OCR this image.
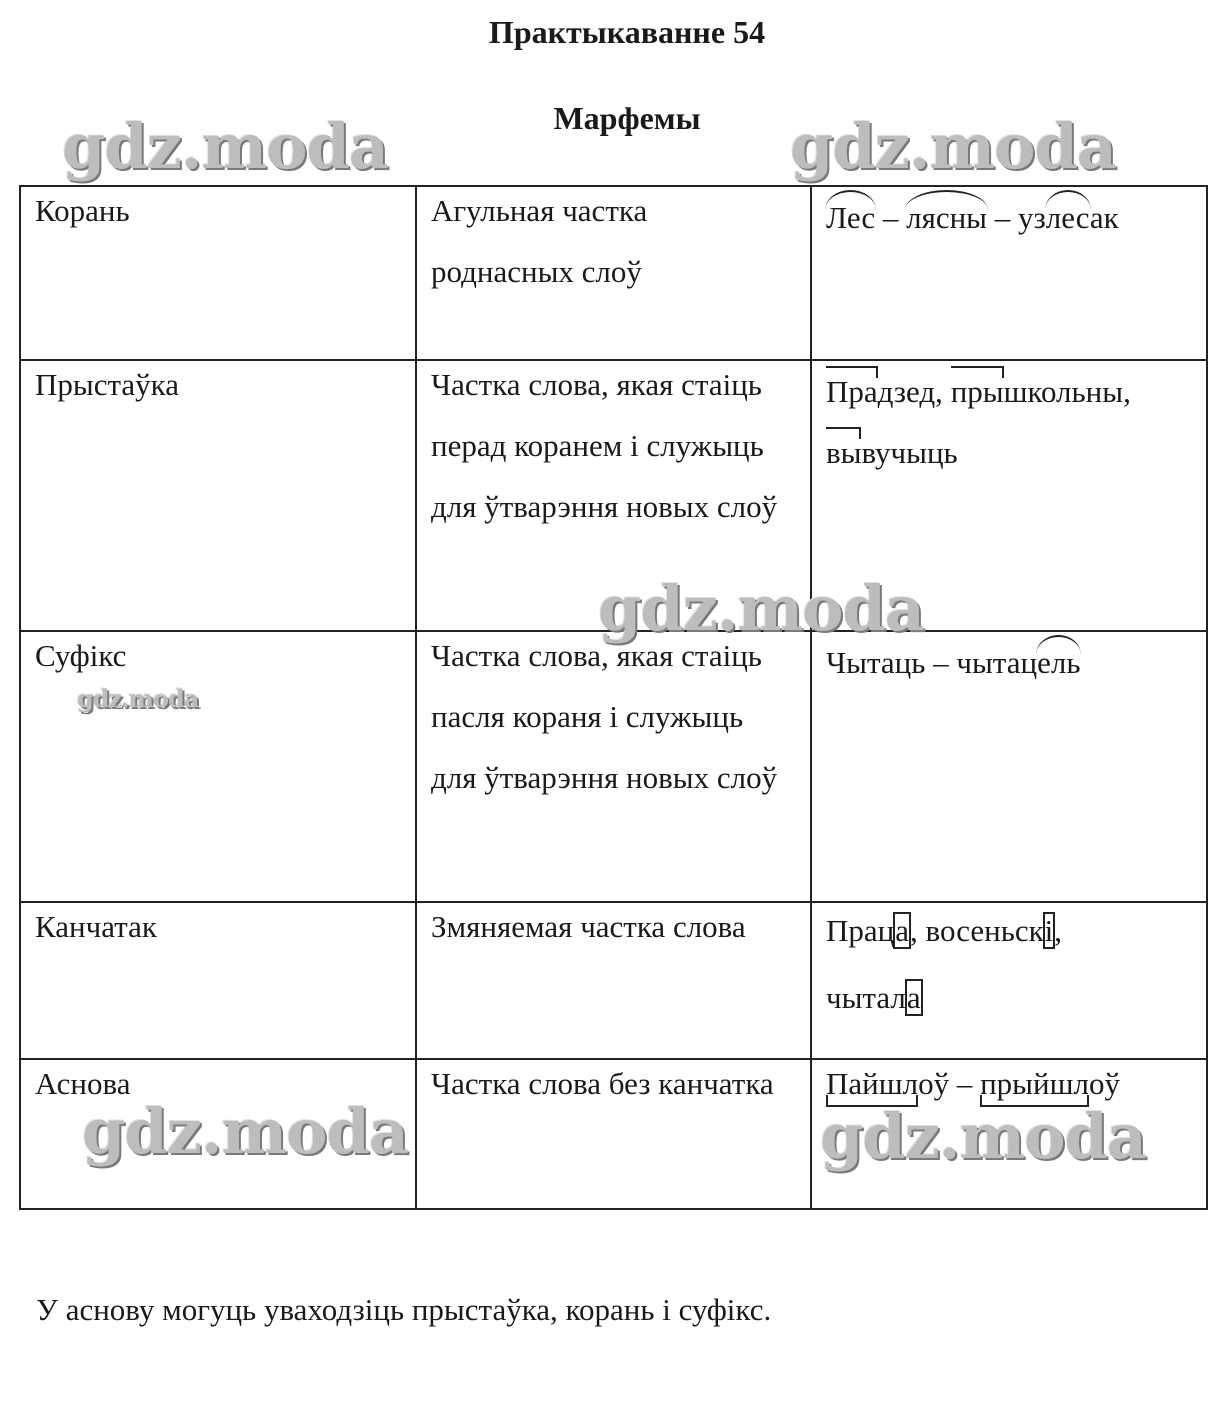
Практыкаванне 54
Марфемы
Корань	Агульная частка роднасных слоў	Лес – лясны – узлесак

Прыстаўка	Частка слова, якая стаіць перад коранем і служыць для ўтварэння новых слоў	Прадзед, прышкольны,
вывучыць

Суфікс	Частка слова, якая стаіць пасля кораня і служыць для ўтварэння новых слоў	Чытаць – чытацель

Канчатак	Змяняемая частка слова	Праца, восеньскі,
чытала

Аснова	Частка слова без канчатка	Пайшлоў – прыйшлоў
У аснову могуць уваходзіць прыстаўка, корань і суфікс.
gdz.moda	gdz.moda
gdz.moda
gdz.moda
gdz.moda	gdz.moda
